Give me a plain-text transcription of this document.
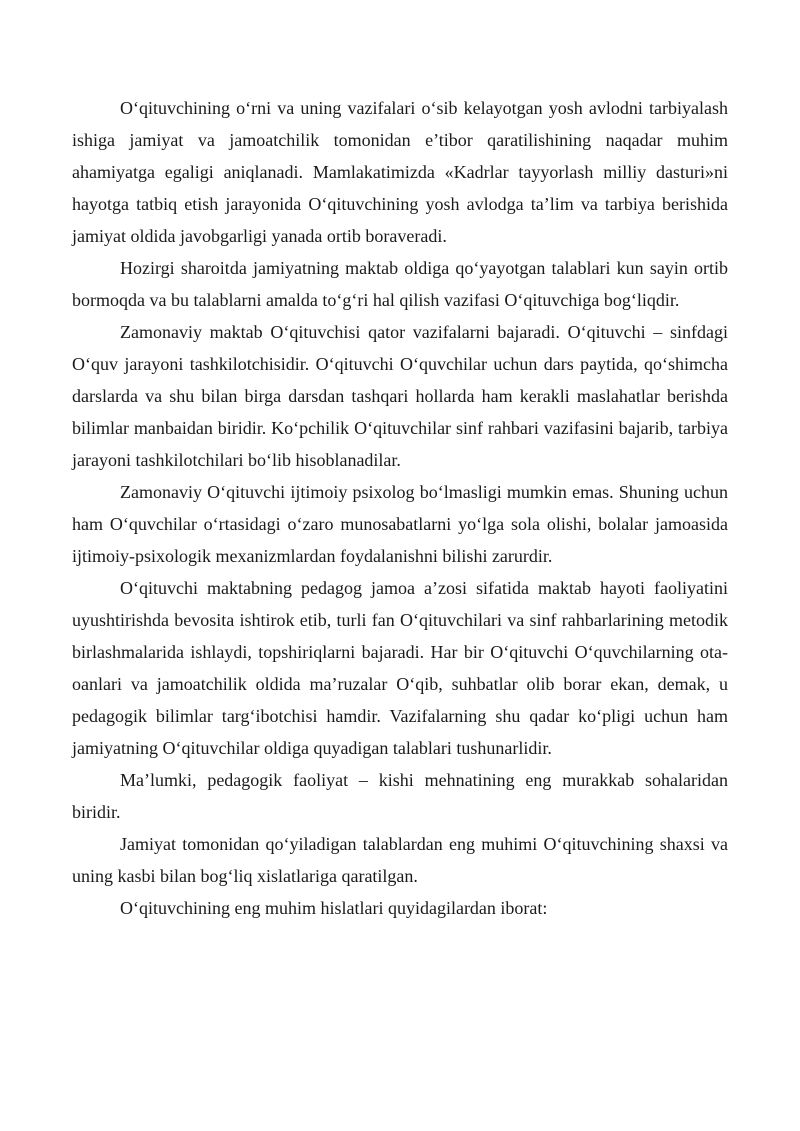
O‘qituvchining o‘rni va uning vazifalari o‘sib kelayotgan yosh avlodni tarbiyalash ishiga jamiyat va jamoatchilik tomonidan e’tibor qaratilishining naqadar muhim ahamiyatga egaligi aniqlanadi. Mamlakatimizda «Kadrlar tayyorlash milliy dasturi»ni hayotga tatbiq etish jarayonida O‘qituvchining yosh avlodga ta’lim va tarbiya berishida jamiyat oldida javobgarligi yanada ortib boraveradi.

Hozirgi sharoitda jamiyatning maktab oldiga qo‘yayotgan talablari kun sayin ortib bormoqda va bu talablarni amalda to‘g‘ri hal qilish vazifasi O‘qituvchiga bog‘liqdir.

Zamonaviy maktab O‘qituvchisi qator vazifalarni bajaradi. O‘qituvchi – sinfdagi O‘quv jarayoni tashkilotchisidir. O‘qituvchi O‘quvchilar uchun dars paytida, qo‘shimcha darslarda va shu bilan birga darsdan tashqari hollarda ham kerakli maslahatlar berishda bilimlar manbaidan biridir. Ko‘pchilik O‘qituvchilar sinf rahbari vazifasini bajarib, tarbiya jarayoni tashkilotchilari bo‘lib hisoblanadilar.

Zamonaviy O‘qituvchi ijtimoiy psixolog bo‘lmasligi mumkin emas. Shuning uchun ham O‘quvchilar o‘rtasidagi o‘zaro munosabatlarni yo‘lga sola olishi, bolalar jamoasida ijtimoiy-psixologik mexanizmlardan foydalanishni bilishi zarurdir.

O‘qituvchi maktabning pedagog jamoa a’zosi sifatida maktab hayoti faoliyatini uyushtirishda bevosita ishtirok etib, turli fan O‘qituvchilari va sinf rahbarlarining metodik birlashmalarida ishlaydi, topshiriqlarni bajaradi. Har bir O‘qituvchi O‘quvchilarning ota-oanlari va jamoatchilik oldida ma’ruzalar O‘qib, suhbatlar olib borar ekan, demak, u pedagogik bilimlar targ‘ibotchisi hamdir. Vazifalarning shu qadar ko‘pligi uchun ham jamiyatning O‘qituvchilar oldiga quyadigan talablari tushunarlidir.

Ma’lumki, pedagogik faoliyat – kishi mehnatining eng murakkab sohalaridan biridir.

Jamiyat tomonidan qo‘yiladigan talablardan eng muhimi O‘qituvchining shaxsi va uning kasbi bilan bog‘liq xislatlariga qaratilgan.

O‘qituvchining eng muhim hislatlari quyidagilardan iborat:
